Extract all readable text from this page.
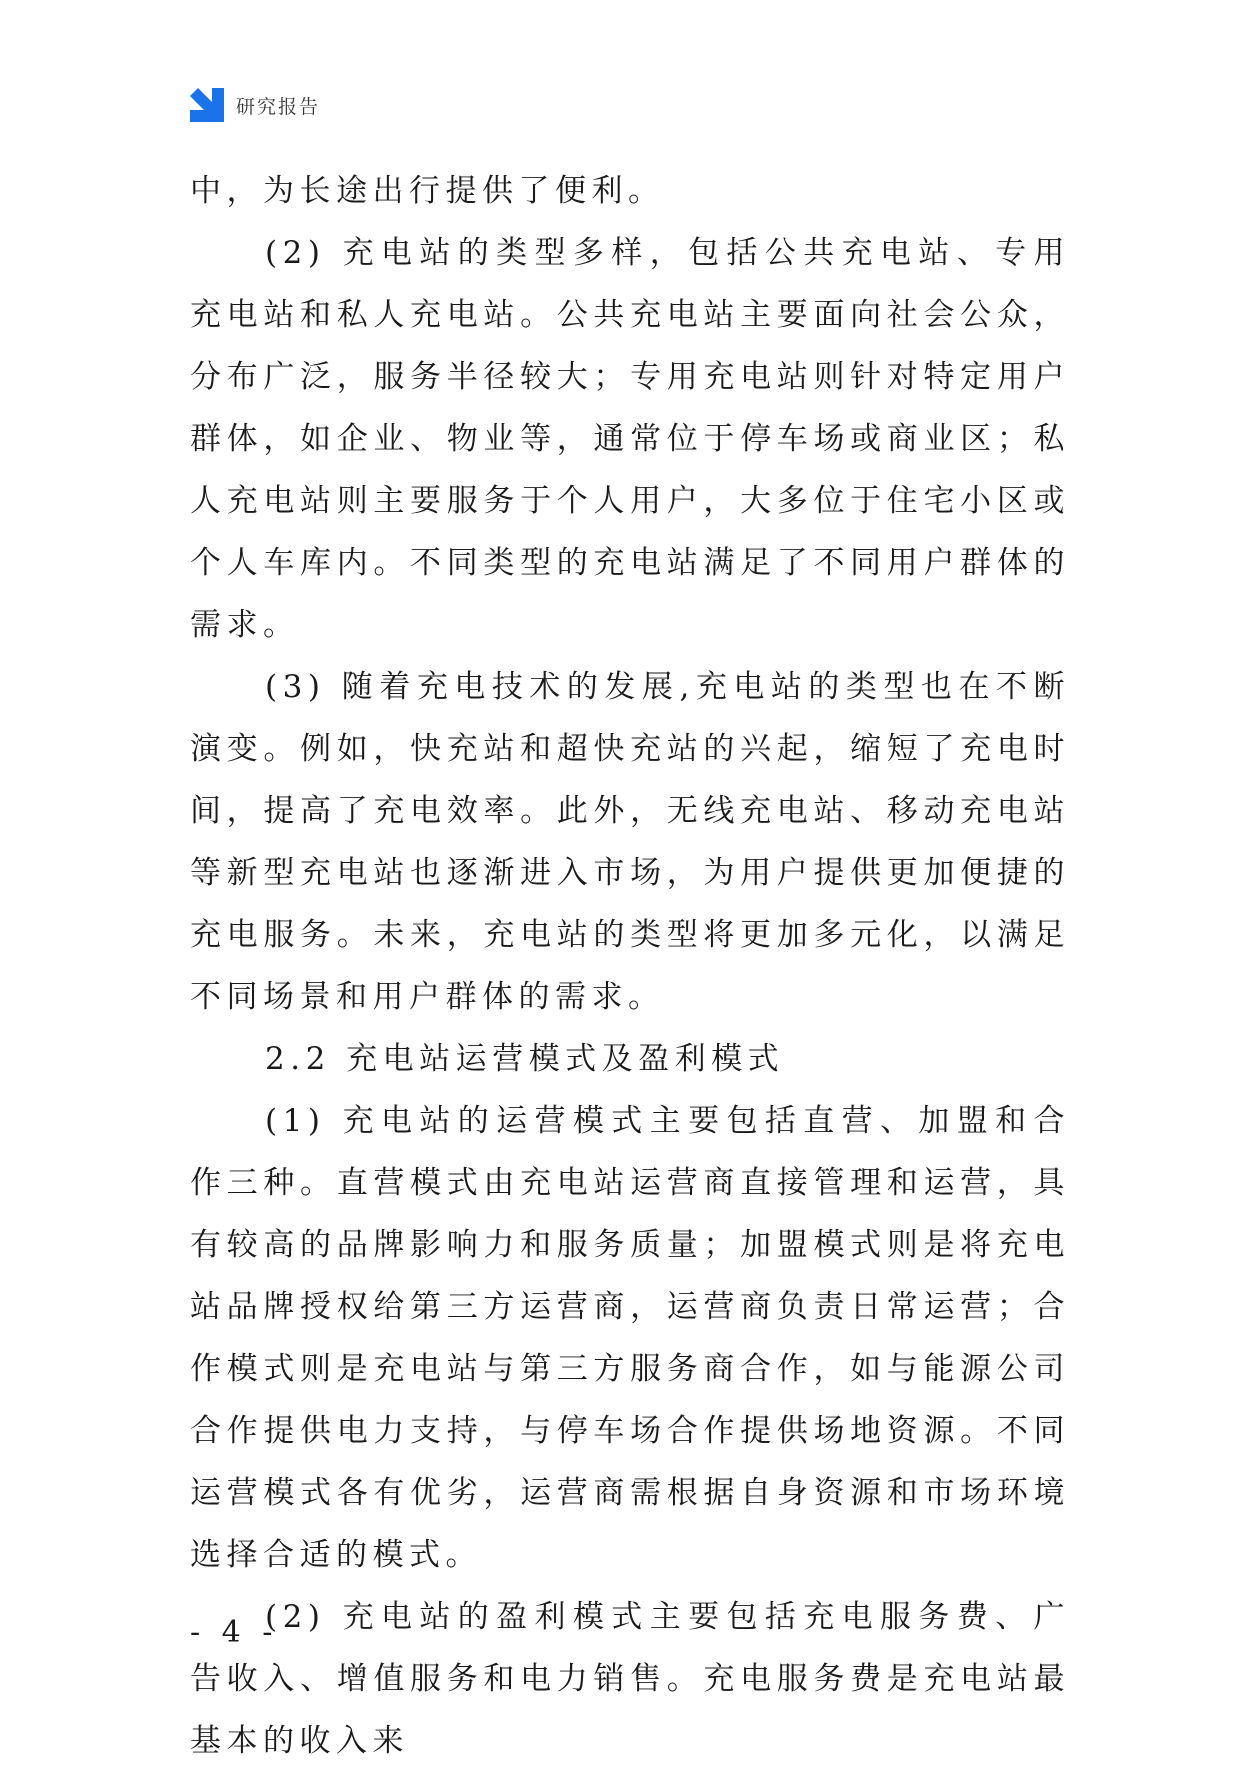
研究报告

中，为长途出行提供了便利。

(2) 充电站的类型多样，包括公共充电站、专用充电站和私人充电站。公共充电站主要面向社会公众，分布广泛，服务半径较大；专用充电站则针对特定用户群体，如企业、物业等，通常位于停车场或商业区；私人充电站则主要服务于个人用户，大多位于住宅小区或个人车库内。不同类型的充电站满足了不同用户群体的需求。

(3) 随着充电技术的发展,充电站的类型也在不断演变。例如，快充站和超快充站的兴起，缩短了充电时间，提高了充电效率。此外，无线充电站、移动充电站等新型充电站也逐渐进入市场，为用户提供更加便捷的充电服务。未来，充电站的类型将更加多元化，以满足不同场景和用户群体的需求。

2.2 充电站运营模式及盈利模式

(1) 充电站的运营模式主要包括直营、加盟和合作三种。直营模式由充电站运营商直接管理和运营，具有较高的品牌影响力和服务质量；加盟模式则是将充电站品牌授权给第三方运营商，运营商负责日常运营；合作模式则是充电站与第三方服务商合作，如与能源公司合作提供电力支持，与停车场合作提供场地资源。不同运营模式各有优劣，运营商需根据自身资源和市场环境选择合适的模式。

(2) 充电站的盈利模式主要包括充电服务费、广告收入、增值服务和电力销售。充电服务费是充电站最基本的收入来

- 4 -
